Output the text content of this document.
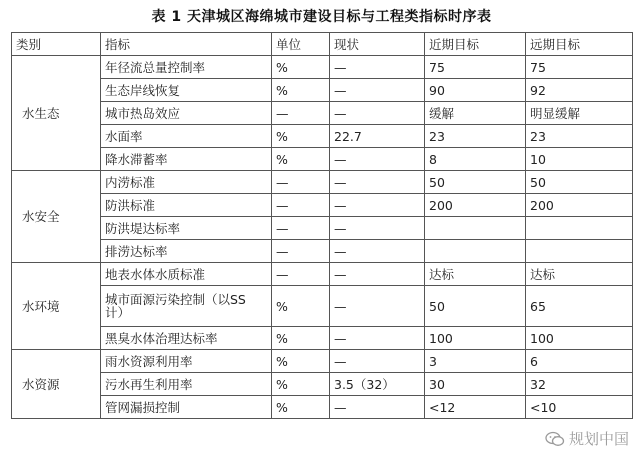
表 1 天津城区海绵城市建设目标与工程类指标时序表
类别	指标	单位	现状	近期目标	远期目标
水生态	年径流总量控制率	%	—	75	75
	生态岸线恢复	%	—	90	92
	城市热岛效应	—	—	缓解	明显缓解
	水面率	%	22.7	23	23
	降水滞蓄率	%	—	8	10
水安全	内涝标准	—	—	50	50
	防洪标准	—	—	200	200
	防洪堤达标率	—	—		
	排涝达标率	—	—		
水环境	地表水体水质标准	—	—	达标	达标
	城市面源污染控制（以SS 计）	%	—	50	65
	黑臭水体治理达标率	%	—	100	100
水资源	雨水资源利用率	%	—	3	6
	污水再生利用率	%	3.5（32）	30	32
	管网漏损控制	%	—	<12	<10
规划中国
